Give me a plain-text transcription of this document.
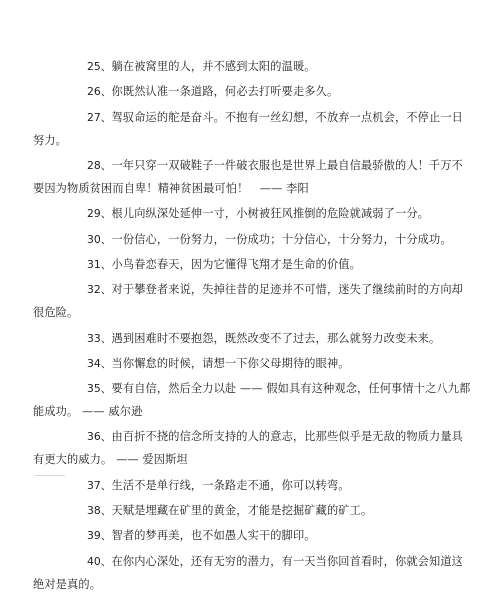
25、躺在被窝里的人，并不感到太阳的温暖。
26、你既然认准一条道路，何必去打听要走多久。
27、驾驭命运的舵是奋斗。不抱有一丝幻想，不放弃一点机会，不停止一日努力。
28、一年只穿一双破鞋子一件破衣服也是世界上最自信最骄傲的人！千万不要因为物质贫困而自卑！精神贫困最可怕！　—— 李阳
29、根儿向纵深处延伸一寸，小树被狂风推倒的危险就减弱了一分。
30、一份信心，一份努力，一份成功；十分信心，十分努力，十分成功。
31、小鸟眷恋春天，因为它懂得飞翔才是生命的价值。
32、对于攀登者来说，失掉往昔的足迹并不可惜，迷失了继续前时的方向却很危险。
33、遇到困难时不要抱怨，既然改变不了过去，那么就努力改变未来。
34、当你懈怠的时候，请想一下你父母期待的眼神。
35、要有自信，然后全力以赴 —— 假如具有这种观念，任何事情十之八九都能成功。 —— 威尔逊
36、由百折不挠的信念所支持的人的意志，比那些似乎是无敌的物质力量具有更大的威力。 —— 爱因斯坦
37、生活不是单行线，一条路走不通，你可以转弯。
38、天赋是埋藏在矿里的黄金，才能是挖掘矿藏的矿工。
39、智者的梦再美，也不如愚人实干的脚印。
40、在你内心深处，还有无穷的潜力，有一天当你回首看时，你就会知道这绝对是真的。
